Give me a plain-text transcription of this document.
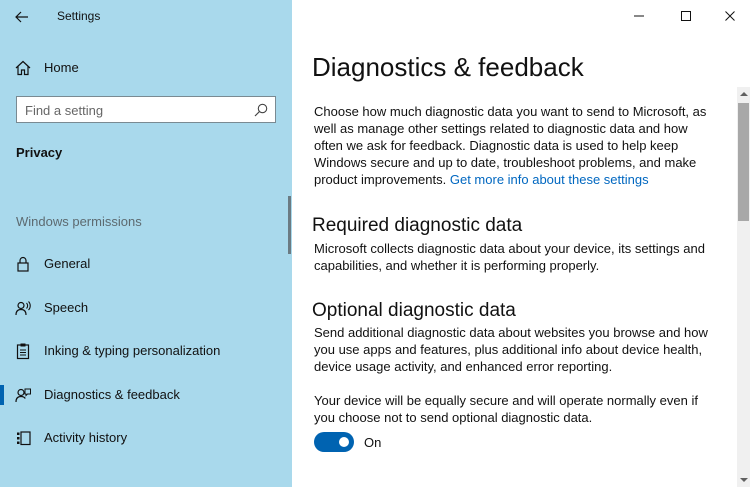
Settings
Home
Find a setting
Privacy
Windows permissions
General
Speech
Inking & typing personalization
Diagnostics & feedback
Activity history
Diagnostics & feedback

Choose how much diagnostic data you want to send to Microsoft, as well as manage other settings related to diagnostic data and how often we ask for feedback. Diagnostic data is used to help keep Windows secure and up to date, troubleshoot problems, and make product improvements. Get more info about these settings

Required diagnostic data

Microsoft collects diagnostic data about your device, its settings and capabilities, and whether it is performing properly.

Optional diagnostic data

Send additional diagnostic data about websites you browse and how you use apps and features, plus additional info about device health, device usage activity, and enhanced error reporting.

Your device will be equally secure and will operate normally even if you choose not to send optional diagnostic data.

On
